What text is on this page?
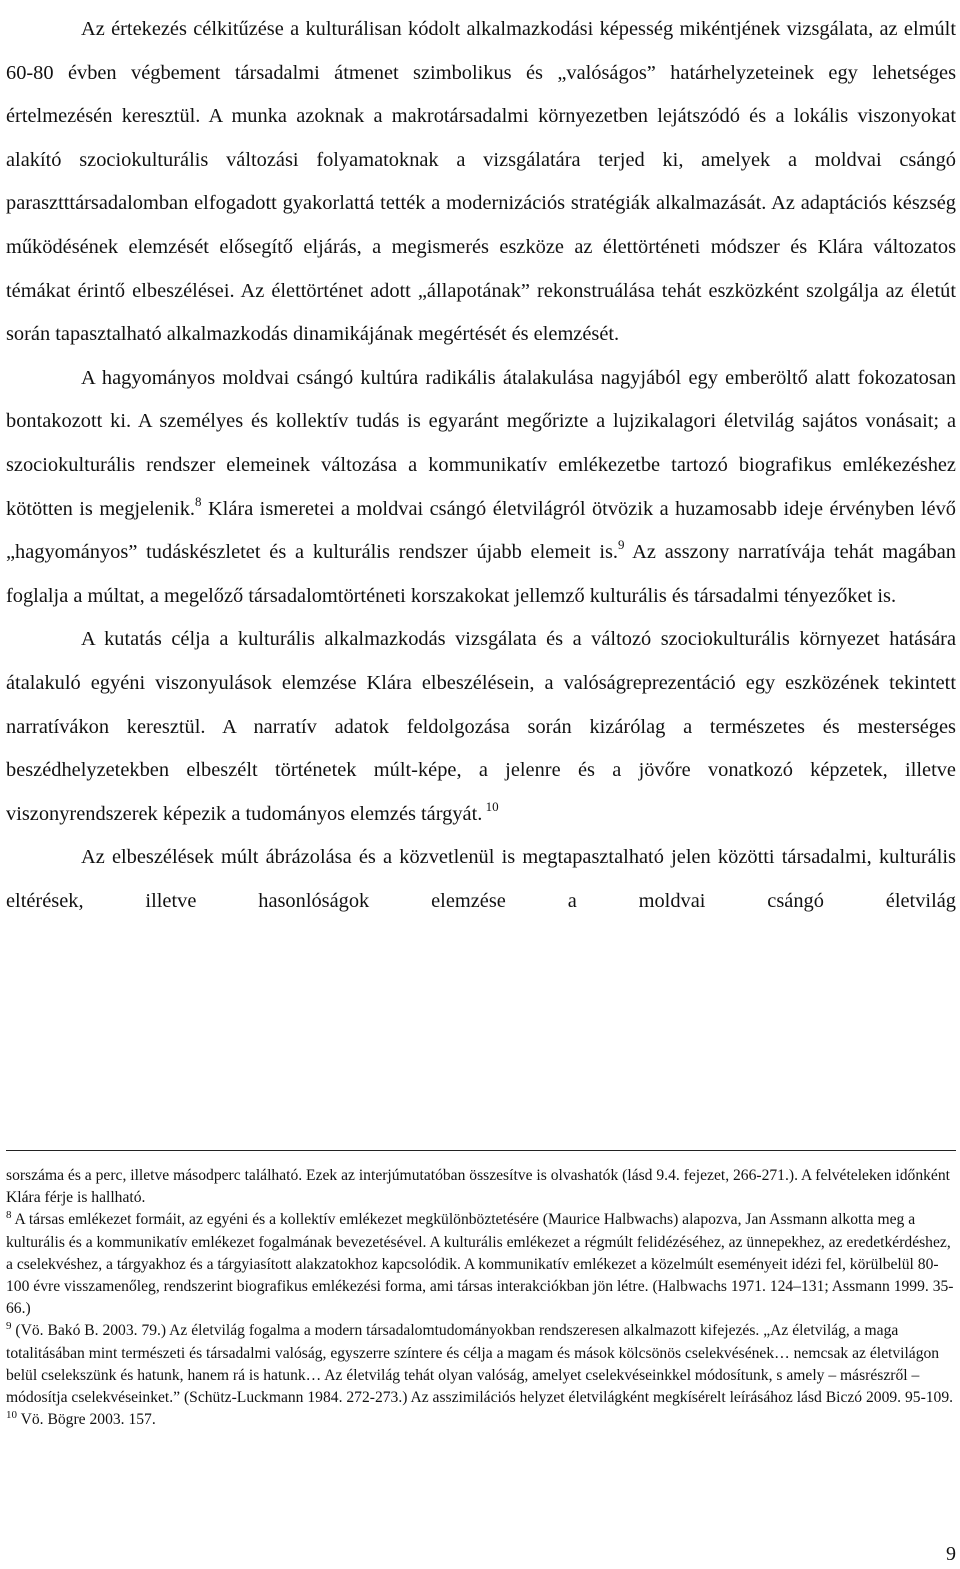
Az értekezés célkitűzése a kulturálisan kódolt alkalmazkodási képesség mikéntjének vizsgálata, az elmúlt 60-80 évben végbement társadalmi átmenet szimbolikus és „valóságos” határhelyzeteinek egy lehetséges értelmezésén keresztül. A munka azoknak a makrotársadalmi környezetben lejátszódó és a lokális viszonyokat alakító szociokulturális változási folyamatoknak a vizsgálatára terjed ki, amelyek a moldvai csángó parasztttársadalomban elfogadott gyakorlattá tették a modernizációs stratégiák alkalmazását. Az adaptációs készség működésének elemzését elősegítő eljárás, a megismerés eszköze az élettörténeti módszer és Klára változatos témákat érintő elbeszélései. Az élettörténet adott „állapotának” rekonstruálása tehát eszközként szolgálja az életút során tapasztalható alkalmazkodás dinamikájának megértését és elemzését.

A hagyományos moldvai csángó kultúra radikális átalakulása nagyjából egy emberöltő alatt fokozatosan bontakozott ki. A személyes és kollektív tudás is egyaránt megőrizte a lujzikalagori életvilág sajátos vonásait; a szociokulturális rendszer elemeinek változása a kommunikatív emlékezetbe tartozó biografikus emlékezéshez kötötten is megjelenik.$^8$ Klára ismeretei a moldvai csángó életvilágról ötvözik a huzamosabb ideje érvényben lévő „hagyományos” tudáskészletet és a kulturális rendszer újabb elemeit is.$^9$ Az asszony narratívája tehát magában foglalja a múltat, a megelőző társadalomtörténeti korszakokat jellemző kulturális és társadalmi tényezőket is.

A kutatás célja a kulturális alkalmazkodás vizsgálata és a változó szociokulturális környezet hatására átalakuló egyéni viszonyulások elemzése Klára elbeszélésein, a valóságreprezentáció egy eszközének tekintett narratívákon keresztül. A narratív adatok feldolgozása során kizárólag a természetes és mesterséges beszédhelyzetekben elbeszélt történetek múlt-képe, a jelenre és a jövőre vonatkozó képzetek, illetve viszonyrendszerek képezik a tudományos elemzés tárgyát. $^{10}$

Az elbeszélések múlt ábrázolása és a közvetlenül is megtapasztalható jelen közötti társadalmi, kulturális eltérések, illetve hasonlóságok elemzése a moldvai csángó életvilág

sorszáma és a perc, illetve másodperc található. Ezek az interjúmutatóban összesítve is olvashatók (lásd 9.4. fejezet, 266-271.). A felvételeken időnként Klára férje is hallható.

$^8$ A társas emlékezet formáit, az egyéni és a kollektív emlékezet megkülönböztetésére (Maurice Halbwachs) alapozva, Jan Assmann alkotta meg a kulturális és a kommunikatív emlékezet fogalmának bevezetésével. A kulturális emlékezet a régmúlt felidézéséhez, az ünnepekhez, az eredetkérdéshez, a cselekvéshez, a tárgyakhoz és a tárgyiasított alakzatokhoz kapcsolódik. A kommunikatív emlékezet a közelmúlt eseményeit idézi fel, körülbelül 80-100 évre visszamenőleg, rendszerint biografikus emlékezési forma, ami társas interakciókban jön létre. (Halbwachs 1971. 124–131; Assmann 1999. 35-66.)

$^9$ (Vö. Bakó B. 2003. 79.) Az életvilág fogalma a modern társadalomtudományokban rendszeresen alkalmazott kifejezés. „Az életvilág, a maga totalitásában mint természeti és társadalmi valóság, egyszerre színtere és célja a magam és mások kölcsönös cselekvésének… nemcsak az életvilágon belül cselekszünk és hatunk, hanem rá is hatunk… Az életvilág tehát olyan valóság, amelyet cselekvéseinkkel módosítunk, s amely – másrészről – módosítja cselekvéseinket.” (Schütz-Luckmann 1984. 272-273.) Az asszimilációs helyzet életvilágként megkísérelt leírásához lásd Biczó 2009. 95-109.

$^{10}$ Vö. Bögre 2003. 157.

9
